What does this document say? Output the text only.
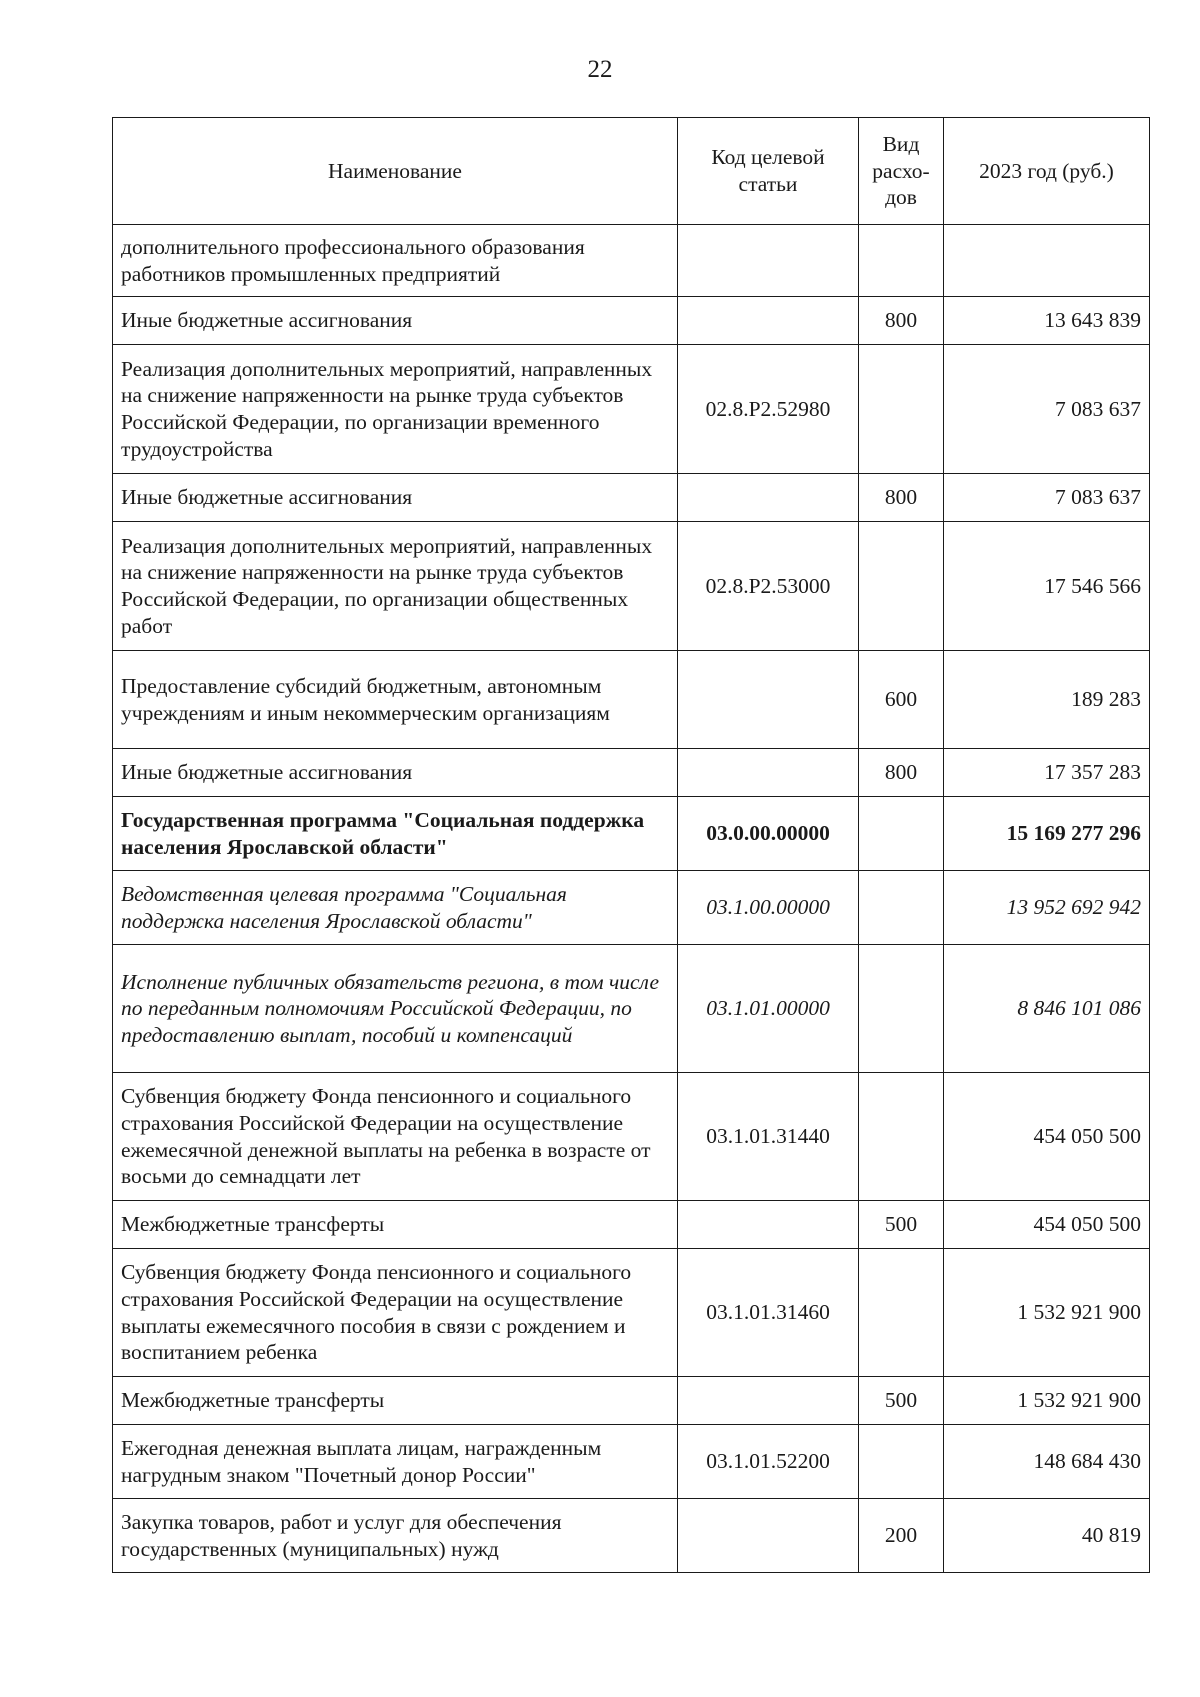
22
Наименование	Код целевой статьи	Вид расхо-дов	2023 год (руб.)
дополнительного профессионального образования работников промышленных предприятий			
Иные бюджетные ассигнования		800	13 643 839
Реализация дополнительных мероприятий, направленных на снижение напряженности на рынке труда субъектов Российской Федерации, по организации временного трудоустройства	02.8.P2.52980		7 083 637
Иные бюджетные ассигнования		800	7 083 637
Реализация дополнительных мероприятий, направленных на снижение напряженности на рынке труда субъектов Российской Федерации, по организации общественных работ	02.8.P2.53000		17 546 566
Предоставление субсидий бюджетным, автономным учреждениям и иным некоммерческим организациям		600	189 283
Иные бюджетные ассигнования		800	17 357 283
Государственная программа "Социальная поддержка населения Ярославской области"	03.0.00.00000		15 169 277 296
Ведомственная целевая программа "Социальная поддержка населения Ярославской области"	03.1.00.00000		13 952 692 942
Исполнение публичных обязательств региона, в том числе по переданным полномочиям Российской Федерации, по предоставлению выплат, пособий и компенсаций	03.1.01.00000		8 846 101 086
Субвенция бюджету Фонда пенсионного и социального страхования Российской Федерации на осуществление ежемесячной денежной выплаты на ребенка в возрасте от восьми до семнадцати лет	03.1.01.31440		454 050 500
Межбюджетные трансферты		500	454 050 500
Субвенция бюджету Фонда пенсионного и социального страхования Российской Федерации на осуществление выплаты ежемесячного пособия в связи с рождением и воспитанием ребенка	03.1.01.31460		1 532 921 900
Межбюджетные трансферты		500	1 532 921 900
Ежегодная денежная выплата лицам, награжденным нагрудным знаком "Почетный донор России"	03.1.01.52200		148 684 430
Закупка товаров, работ и услуг для обеспечения государственных (муниципальных) нужд		200	40 819
